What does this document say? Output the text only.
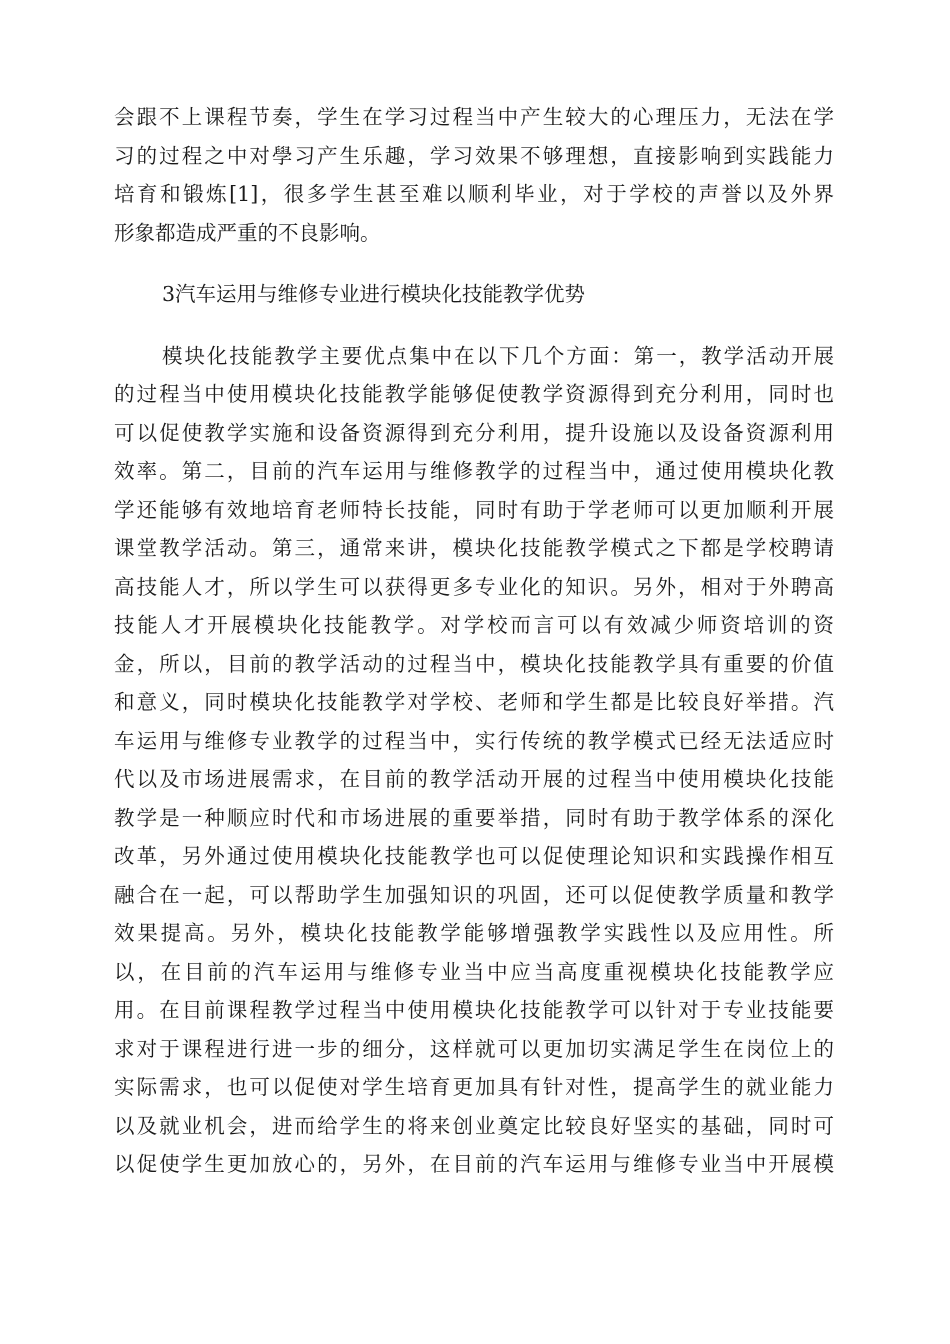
会跟不上课程节奏，学生在学习过程当中产生较大的心理压力，无法在学
习的过程之中对學习产生乐趣，学习效果不够理想，直接影响到实践能力
培育和锻炼[1]，很多学生甚至难以顺利毕业，对于学校的声誉以及外界
形象都造成严重的不良影响。
3汽车运用与维修专业进行模块化技能教学优势
模块化技能教学主要优点集中在以下几个方面：第一，教学活动开展
的过程当中使用模块化技能教学能够促使教学资源得到充分利用，同时也
可以促使教学实施和设备资源得到充分利用，提升设施以及设备资源利用
效率。第二，目前的汽车运用与维修教学的过程当中，通过使用模块化教
学还能够有效地培育老师特长技能，同时有助于学老师可以更加顺利开展
课堂教学活动。第三，通常来讲，模块化技能教学模式之下都是学校聘请
高技能人才，所以学生可以获得更多专业化的知识。另外，相对于外聘高
技能人才开展模块化技能教学。对学校而言可以有效减少师资培训的资
金，所以，目前的教学活动的过程当中，模块化技能教学具有重要的价值
和意义，同时模块化技能教学对学校、老师和学生都是比较良好举措。汽
车运用与维修专业教学的过程当中，实行传统的教学模式已经无法适应时
代以及市场进展需求，在目前的教学活动开展的过程当中使用模块化技能
教学是一种顺应时代和市场进展的重要举措，同时有助于教学体系的深化
改革，另外通过使用模块化技能教学也可以促使理论知识和实践操作相互
融合在一起，可以帮助学生加强知识的巩固，还可以促使教学质量和教学
效果提高。另外，模块化技能教学能够增强教学实践性以及应用性。所
以，在目前的汽车运用与维修专业当中应当高度重视模块化技能教学应
用。在目前课程教学过程当中使用模块化技能教学可以针对于专业技能要
求对于课程进行进一步的细分，这样就可以更加切实满足学生在岗位上的
实际需求，也可以促使对学生培育更加具有针对性，提高学生的就业能力
以及就业机会，进而给学生的将来创业奠定比较良好坚实的基础，同时可
以促使学生更加放心的，另外，在目前的汽车运用与维修专业当中开展模
